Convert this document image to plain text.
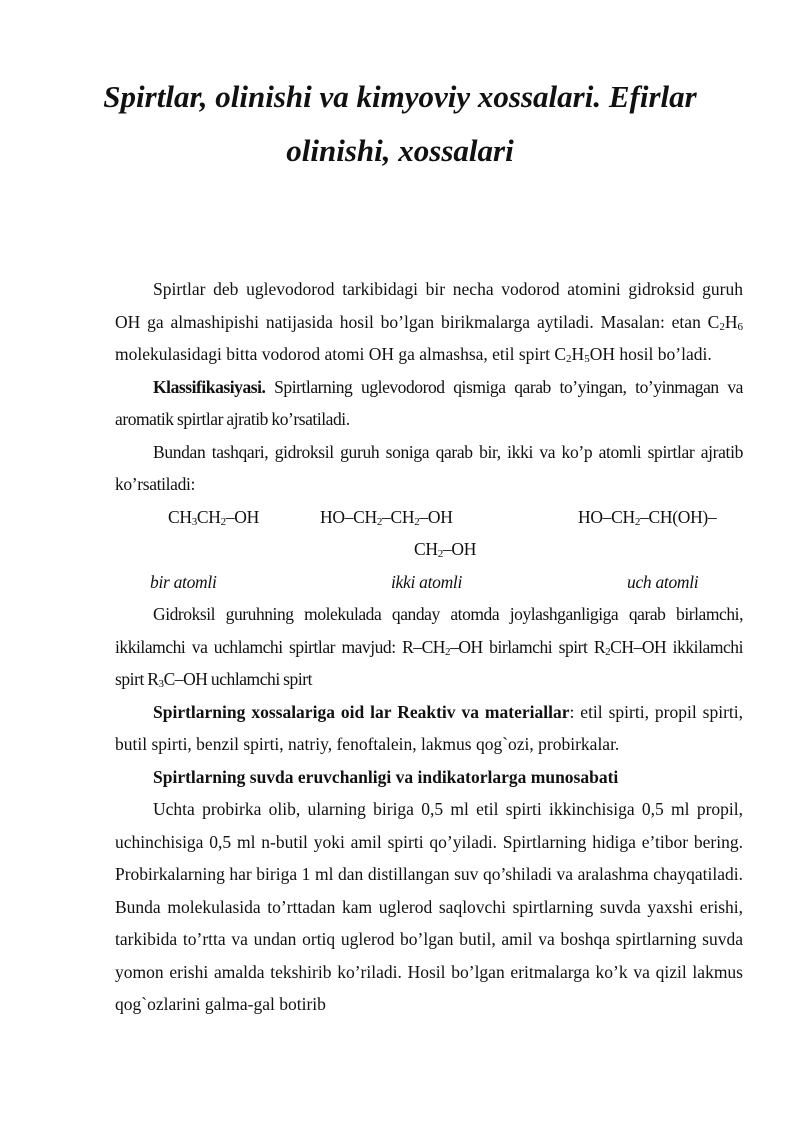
Spirtlar, olinishi va kimyoviy xossalari. Efirlar
olinishi, xossalari

Spirtlar deb uglevodorod tarkibidagi bir necha vodorod atomini gidroksid guruh OH ga almashipishi natijasida hosil bo’lgan birikmalarga aytiladi. Masalan: etan $C_2H_6$ molekulasidagi bitta vodorod atomi OH ga almashsa, etil spirt $C_2H_5OH$ hosil bo’ladi.

Klassifikasiyasi. Spirtlarning uglevodorod qismiga qarab to’yingan, to’yinmagan va aromatik spirtlar ajratib ko’rsatiladi.

Bundan tashqari, gidroksil guruh soniga qarab bir, ikki va ko’p atomli spirtlar ajratib ko’rsatiladi:

$CH_3CH_2-OH$	$HO-CH_2-CH_2-OH$	$HO-CH_2-CH(OH)-$
$CH_2-OH$
bir atomli	ikki atomli	uch atomli

Gidroksil guruhning molekulada qanday atomda joylashganligiga qarab birlamchi, ikkilamchi va uchlamchi spirtlar mavjud: $R-CH_2-OH$ birlamchi spirt $R_2CH-OH$ ikkilamchi spirt $R_3C-OH$ uchlamchi spirt

Spirtlarning xossalariga oid lar Reaktiv va materiallar: etil spirti, propil spirti, butil spirti, benzil spirti, natriy, fenoftalein, lakmus qog`ozi, probirkalar.

Spirtlarning suvda eruvchanligi va indikatorlarga munosabati

Uchta probirka olib, ularning biriga 0,5 ml etil spirti ikkinchisiga 0,5 ml propil, uchinchisiga 0,5 ml n-butil yoki amil spirti qo’yiladi. Spirtlarning hidiga e’tibor bering. Probirkalarning har biriga 1 ml dan distillangan suv qo’shiladi va aralashma chayqatiladi. Bunda molekulasida to’rttadan kam uglerod saqlovchi spirtlarning suvda yaxshi erishi, tarkibida to’rtta va undan ortiq uglerod bo’lgan butil, amil va boshqa spirtlarning suvda yomon erishi amalda tekshirib ko’riladi. Hosil bo’lgan eritmalarga ko’k va qizil lakmus qog`ozlarini galma-gal botirib
